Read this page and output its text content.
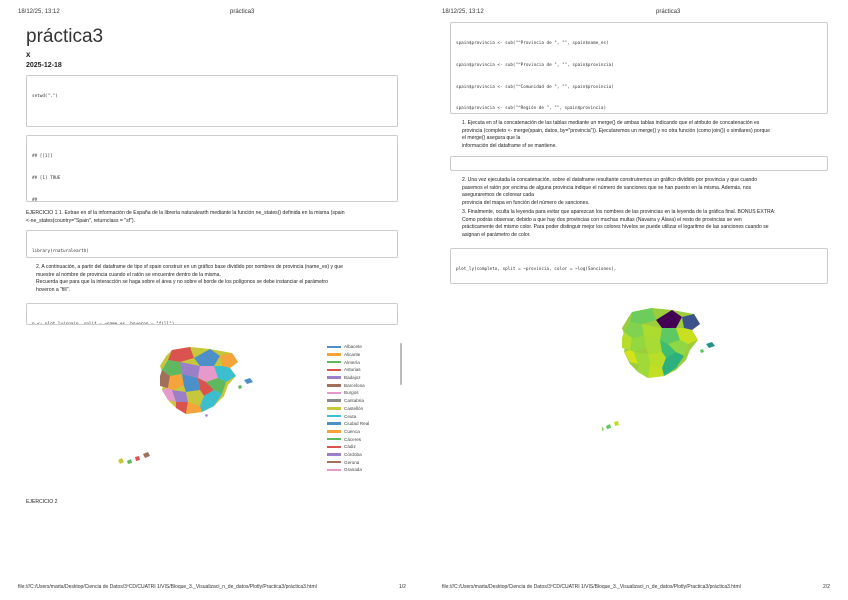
18/12/25, 13:12	práctica3
práctica3
x
2025-12-18

setwd(".")

## [[1]]

## [1] TRUE

##

EJERCICIO 1 1. Extrae en sf la información de España de la librería naturalearth mediante la función ne_states() definida en la misma (spain
<-ne_states(country="Spain", returnclass = "sf").

library(rnaturalearth)

2. A continuación, a partir del dataframe de tipo sf spain construir en un gráfico base dividido por nombres de provincia (name_es) y que
muestre al nombre de provincia cuando el ratón se encuentre dentro de la misma.
Recuerda que para que la interacción se haga sobre el área y no sobre el borde de los polígonos se debe instanciar el parámetro
hoveron a "fill".

p <- plot_ly(spain, split = ~name_es, hoveron = "fill")

Albacete
Alicante
Almería
Asturias
Badajoz
Barcelona
Burgos
Cantabria
Castellón
Ceuta
Ciudad Real
Cuenca
Cáceres
Cádiz
Córdoba
Gerona
Granada
EJERCICIO 2
file:///C:/Users/marta/Desktop/Ciencia de Datos/3ºCD/CUATRI 1/VIS/Bloque_3._Visualizaci_n_de_datos/Plotly/Practica3/práctica3.html	1/2
18/12/25, 13:12	práctica3

spain$provincia <- sub("^Provincia de ", "", spain$name_es)

spain$provincia <- sub("^Provincia de ", "", spain$provincia)

spain$provincia <- sub("^Comunidad de ", "", spain$provincia)

spain$provincia <- sub("^Región de ", "", spain$provincia)

1. Ejecuta en sf la concatenación de las tablas mediante un merge() de ambas tablas indicando que el atributo de concatenación es
provincia (completo <- merge(spain, datos, by="provincia")). Ejecutaremos un merge() y no otra función (como join()) o similares) porque
el merge() asegura que la
información del dataframe sf se mantiene.

2. Una vez ejecutada la concatenación, sobre el dataframe resultante construiremos un gráfico dividido por provincia y que cuando
pasemos el ratón por encima de alguna provincia indique el número de sanciones que se han puesto en la misma. Además, nos
aseguraremos de colorear cada
provincia del mapa en función del número de sanciones.
3. Finalmente, oculta la leyenda para evitar que aparezcan los nombres de las provincias en la leyenda de la gráfica final. BONUS EXTRA:
Como podrás observar, debido a que hay dos provincias con muchas multas (Navarra y Álava) el resto de provincias se ven
prácticamente del mismo color. Para poder distinguir mejor los colores hívelos se puede utilizar el logaritmo de las sanciones cuando se
asignan el parámetro de color.

plot_ly(completo, split = ~provincia, color = ~log(Sanciones),

file:///C:/Users/marta/Desktop/Ciencia de Datos/3ºCD/CUATRI 1/VIS/Bloque_3._Visualizaci_n_de_datos/Plotly/Practica3/práctica3.html	2/2
